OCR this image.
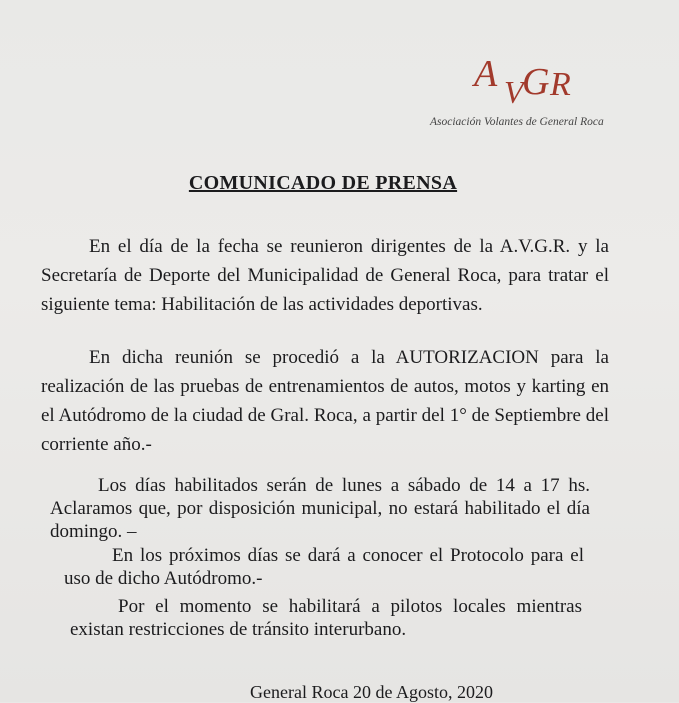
A V
G R
Asociación Volantes de General Roca
COMUNICADO DE PRENSA

En el día de la fecha se reunieron dirigentes de la A.V.G.R. y la Secretaría de Deporte del Municipalidad de General Roca, para tratar el siguiente tema: Habilitación de las actividades deportivas.

En dicha reunión se procedió a la AUTORIZACION para la realización de las pruebas de entrenamientos de autos, motos y karting en el Autódromo de la ciudad de Gral. Roca, a partir del 1° de Septiembre del corriente año.-

Los días habilitados serán de lunes a sábado de 14 a 17 hs. Aclaramos que, por disposición municipal, no estará habilitado el día domingo. –

En los próximos días se dará a conocer el Protocolo para el uso de dicho Autódromo.-

Por el momento se habilitará a pilotos locales mientras existan restricciones de tránsito interurbano.

General Roca 20 de Agosto, 2020
